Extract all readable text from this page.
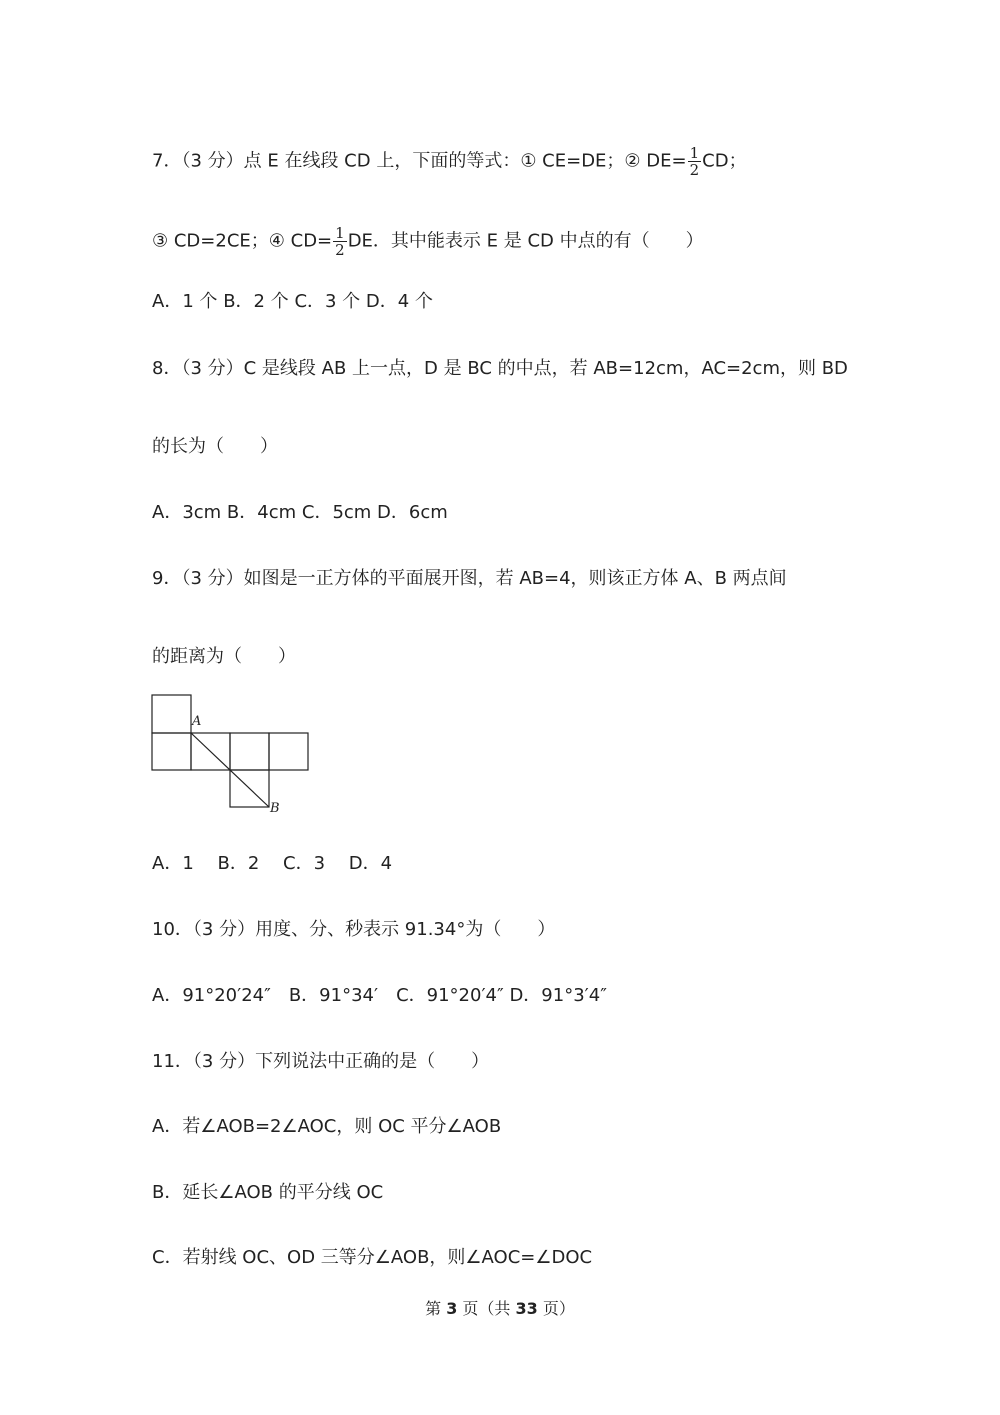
7．（3 分）点 E 在线段 CD 上，下面的等式：① CE=DE；② $DE= \frac{1}{2}$ CD；
③ CD=2CE；④ $CD= \frac{1}{2}$ DE．其中能表示 E 是 CD 中点的有（　　）
A．1 个 B．2 个 C．3 个 D．4 个
8．（3 分）C 是线段 AB 上一点，D 是 BC 的中点，若 AB=12cm，AC=2cm，则 BD
的长为（　　）
A．3cm B．4cm C．5cm D．6cm
9．（3 分）如图是一正方体的平面展开图，若 AB=4，则该正方体 A、B 两点间
的距离为（　　）
A
B
A．1　 B．2　 C．3　 D．4
10．（3 分）用度、分、秒表示 91.34°为（　　）
A．91°20′24″　B．91°34′　C．91°20′4″ D．91°3′4″
11．（3 分）下列说法中正确的是（　　）
A．若∠AOB=2∠AOC，则 OC 平分∠AOB
B．延长∠AOB 的平分线 OC
C．若射线 OC、OD 三等分∠AOB，则∠AOC=∠DOC
第 3 页（共 33 页）
